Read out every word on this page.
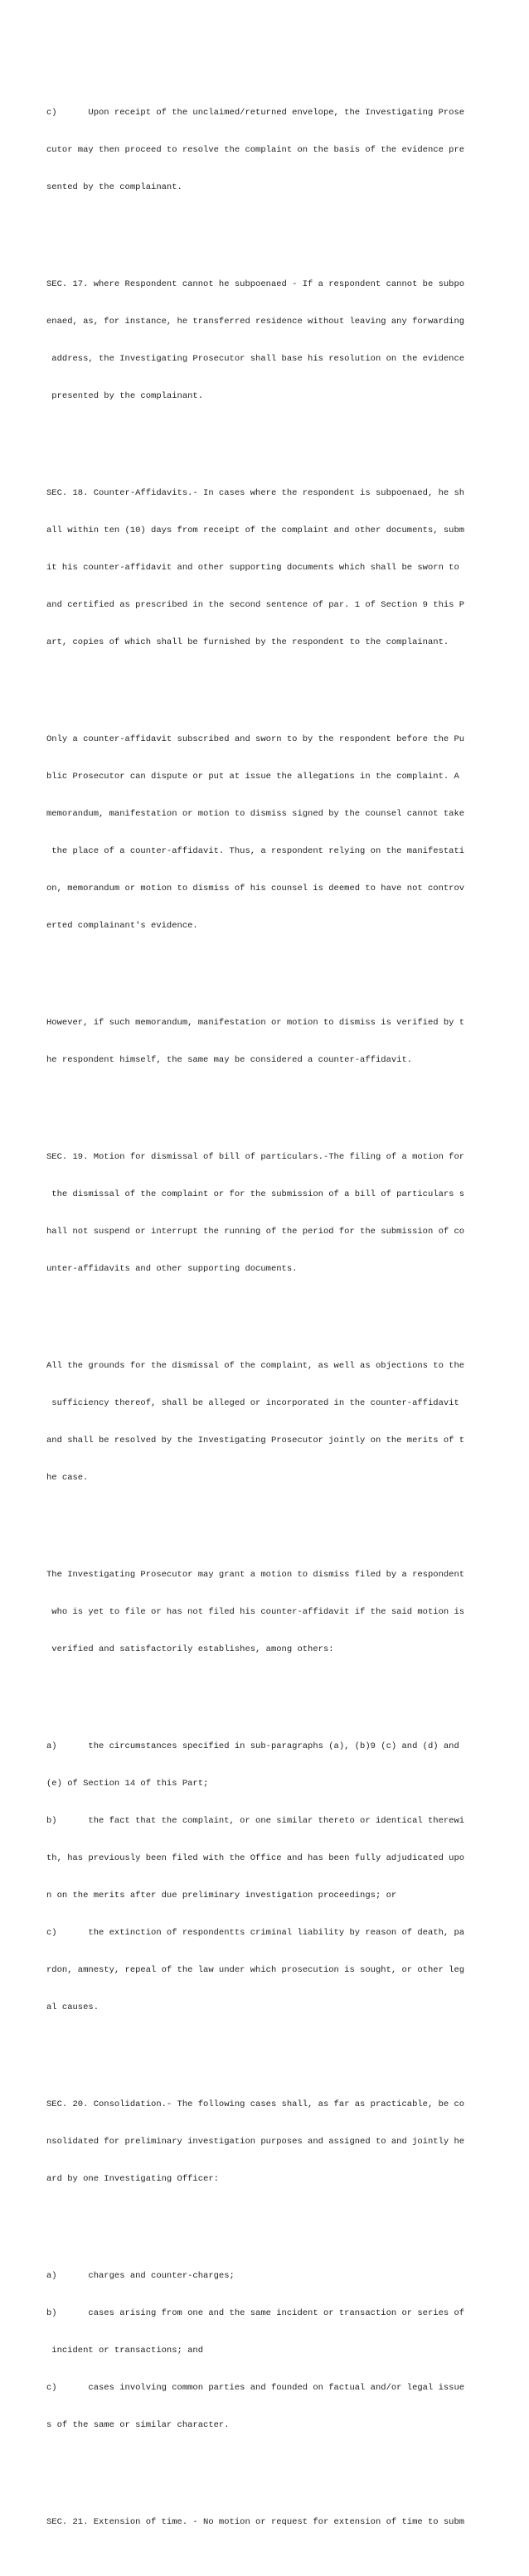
c)      Upon receipt of the unclaimed/returned envelope, the Investigating Prose

cutor may then proceed to resolve the complaint on the basis of the evidence pre

sented by the complainant.

SEC. 17. where Respondent cannot he subpoenaed - If a respondent cannot be subpo

enaed, as, for instance, he transferred residence without leaving any forwarding

address, the Investigating Prosecutor shall base his resolution on the evidence

presented by the complainant.

SEC. 18. Counter-Affidavits.- In cases where the respondent is subpoenaed, he sh

all within ten (10) days from receipt of the complaint and other documents, subm

it his counter-affidavit and other supporting documents which shall be sworn to

and certified as prescribed in the second sentence of par. 1 of Section 9 this P

art, copies of which shall be furnished by the respondent to the complainant.

Only a counter-affidavit subscribed and sworn to by the respondent before the Pu

blic Prosecutor can dispute or put at issue the allegations in the complaint. A

memorandum, manifestation or motion to dismiss signed by the counsel cannot take

the place of a counter-affidavit. Thus, a respondent relying on the manifestati

on, memorandum or motion to dismiss of his counsel is deemed to have not controv

erted complainant's evidence.

However, if such memorandum, manifestation or motion to dismiss is verified by t

he respondent himself, the same may be considered a counter-affidavit.

SEC. 19. Motion for dismissal of bill of particulars.-The filing of a motion for

the dismissal of the complaint or for the submission of a bill of particulars s

hall not suspend or interrupt the running of the period for the submission of co

unter-affidavits and other supporting documents.

All the grounds for the dismissal of the complaint, as well as objections to the

sufficiency thereof, shall be alleged or incorporated in the counter-affidavit

and shall be resolved by the Investigating Prosecutor jointly on the merits of t

he case.

The Investigating Prosecutor may grant a motion to dismiss filed by a respondent

who is yet to file or has not filed his counter-affidavit if the said motion is

verified and satisfactorily establishes, among others:

a)      the circumstances specified in sub-paragraphs (a), (b)9 (c) and (d) and

(e) of Section 14 of this Part;

b)      the fact that the complaint, or one similar thereto or identical therewi

th, has previously been filed with the Office and has been fully adjudicated upo

n on the merits after due preliminary investigation proceedings; or

c)      the extinction of respondentts criminal liability by reason of death, pa

rdon, amnesty, repeal of the law under which prosecution is sought, or other leg

al causes.

SEC. 20. Consolidation.- The following cases shall, as far as practicable, be co

nsolidated for preliminary investigation purposes and assigned to and jointly he

ard by one Investigating Officer:

a)      charges and counter-charges;

b)      cases arising from one and the same incident or transaction or series of

incident or transactions; and

c)      cases involving common parties and founded on factual and/or legal issue

s of the same or similar character.

SEC. 21. Extension of time. - No motion or request for extension of time to subm
